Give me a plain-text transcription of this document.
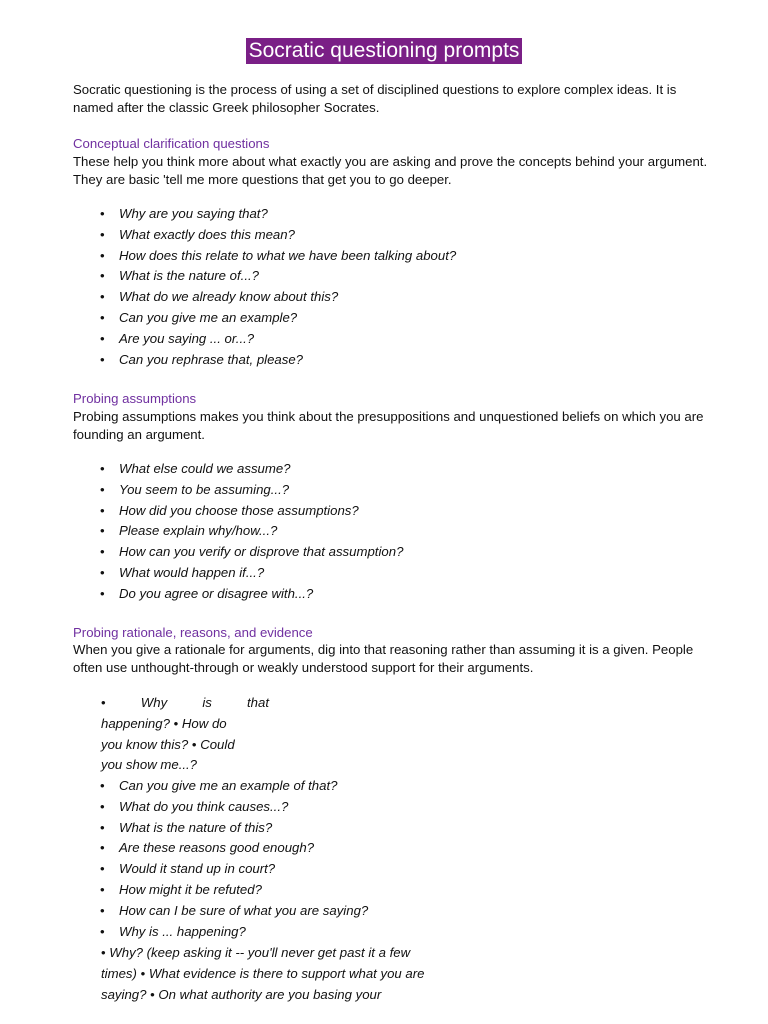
Socratic questioning prompts

Socratic questioning is the process of using a set of disciplined questions to explore complex ideas. It is named after the classic Greek philosopher Socrates.

Conceptual clarification questions

These help you think more about what exactly you are asking and prove the concepts behind your argument. They are basic 'tell me more questions that get you to go deeper.

• Why are you saying that?
• What exactly does this mean?
• How does this relate to what we have been talking about?
• What is the nature of...?
• What do we already know about this?
• Can you give me an example?
• Are you saying ... or...?
• Can you rephrase that, please?

Probing assumptions

Probing assumptions makes you think about the presuppositions and unquestioned beliefs on which you are founding an argument.

• What else could we assume?
• You seem to be assuming...?
• How did you choose those assumptions?
• Please explain why/how...?
• How can you verify or disprove that assumption?
• What would happen if...?
• Do you agree or disagree with...?

Probing rationale, reasons, and evidence

When you give a rationale for arguments, dig into that reasoning rather than assuming it is a given. People often use unthought-through or weakly understood support for their arguments.

•	Why	is	that
happening? • How do
you know this? • Could
you show me...?
• Can you give me an example of that?
• What do you think causes...?
• What is the nature of this?
• Are these reasons good enough?
• Would it stand up in court?
• How might it be refuted?
• How can I be sure of what you are saying?
• Why is ... happening?
• Why? (keep asking it -- you'll never get past it a few
times) • What evidence is there to support what you are
saying? • On what authority are you basing your
